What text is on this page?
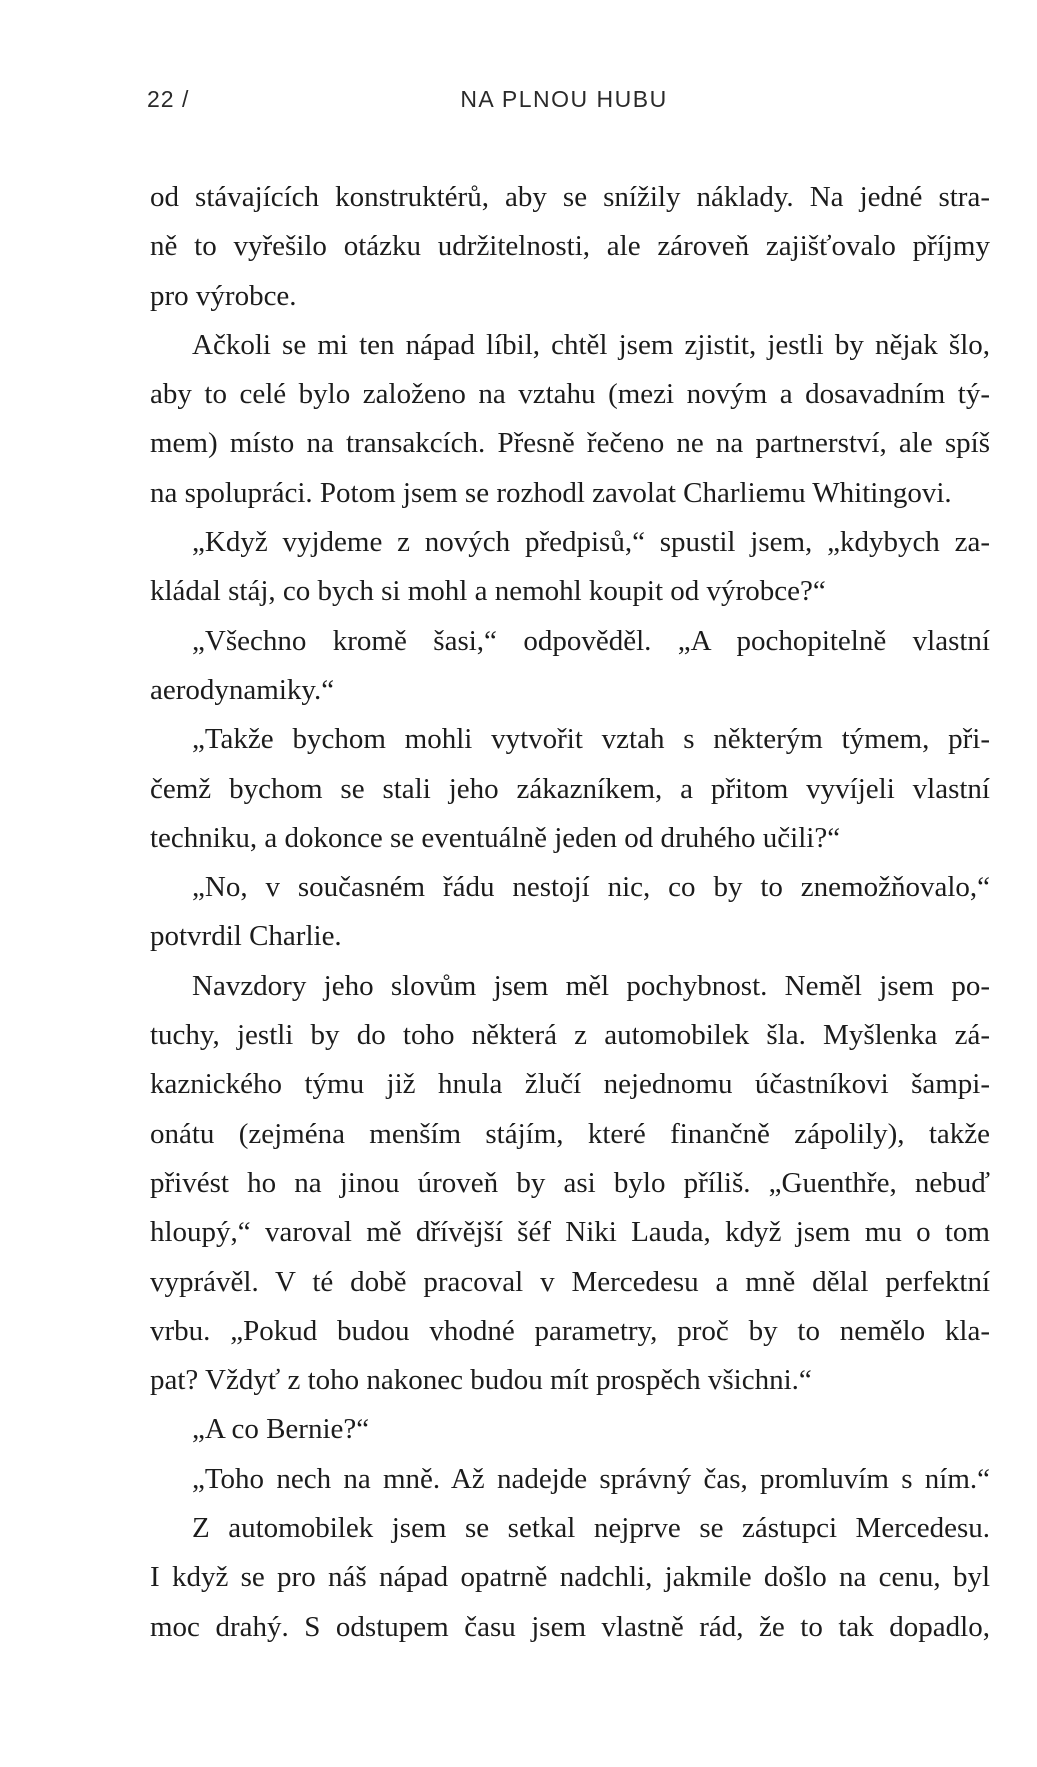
22 /	NA PLNOU HUBU
od stávajících konstruktérů, aby se snížily náklady. Na jedné stra-
ně to vyřešilo otázku udržitelnosti, ale zároveň zajišťovalo příjmy
pro výrobce.
Ačkoli se mi ten nápad líbil, chtěl jsem zjistit, jestli by nějak šlo,
aby to celé bylo založeno na vztahu (mezi novým a dosavadním tý-
mem) místo na transakcích. Přesně řečeno ne na partnerství, ale spíš
na spolupráci. Potom jsem se rozhodl zavolat Charliemu Whitingovi.
„Když vyjdeme z nových předpisů,“ spustil jsem, „kdybych za-
kládal stáj, co bych si mohl a nemohl koupit od výrobce?“
„Všechno kromě šasi,“ odpověděl. „A pochopitelně vlastní
aerodynamiky.“
„Takže bychom mohli vytvořit vztah s některým týmem, při-
čemž bychom se stali jeho zákazníkem, a přitom vyvíjeli vlastní
techniku, a dokonce se eventuálně jeden od druhého učili?“
„No, v současném řádu nestojí nic, co by to znemožňovalo,“
potvrdil Charlie.
Navzdory jeho slovům jsem měl pochybnost. Neměl jsem po-
tuchy, jestli by do toho některá z automobilek šla. Myšlenka zá-
kaznického týmu již hnula žlučí nejednomu účastníkovi šampi-
onátu (zejména menším stájím, které finančně zápolily), takže
přivést ho na jinou úroveň by asi bylo příliš. „Guenthře, nebuď
hloupý,“ varoval mě dřívější šéf Niki Lauda, když jsem mu o tom
vyprávěl. V té době pracoval v Mercedesu a mně dělal perfektní
vrbu. „Pokud budou vhodné parametry, proč by to nemělo kla-
pat? Vždyť z toho nakonec budou mít prospěch všichni.“
„A co Bernie?“
„Toho nech na mně. Až nadejde správný čas, promluvím s ním.“
Z automobilek jsem se setkal nejprve se zástupci Mercedesu.
I když se pro náš nápad opatrně nadchli, jakmile došlo na cenu, byl
moc drahý. S odstupem času jsem vlastně rád, že to tak dopadlo,
